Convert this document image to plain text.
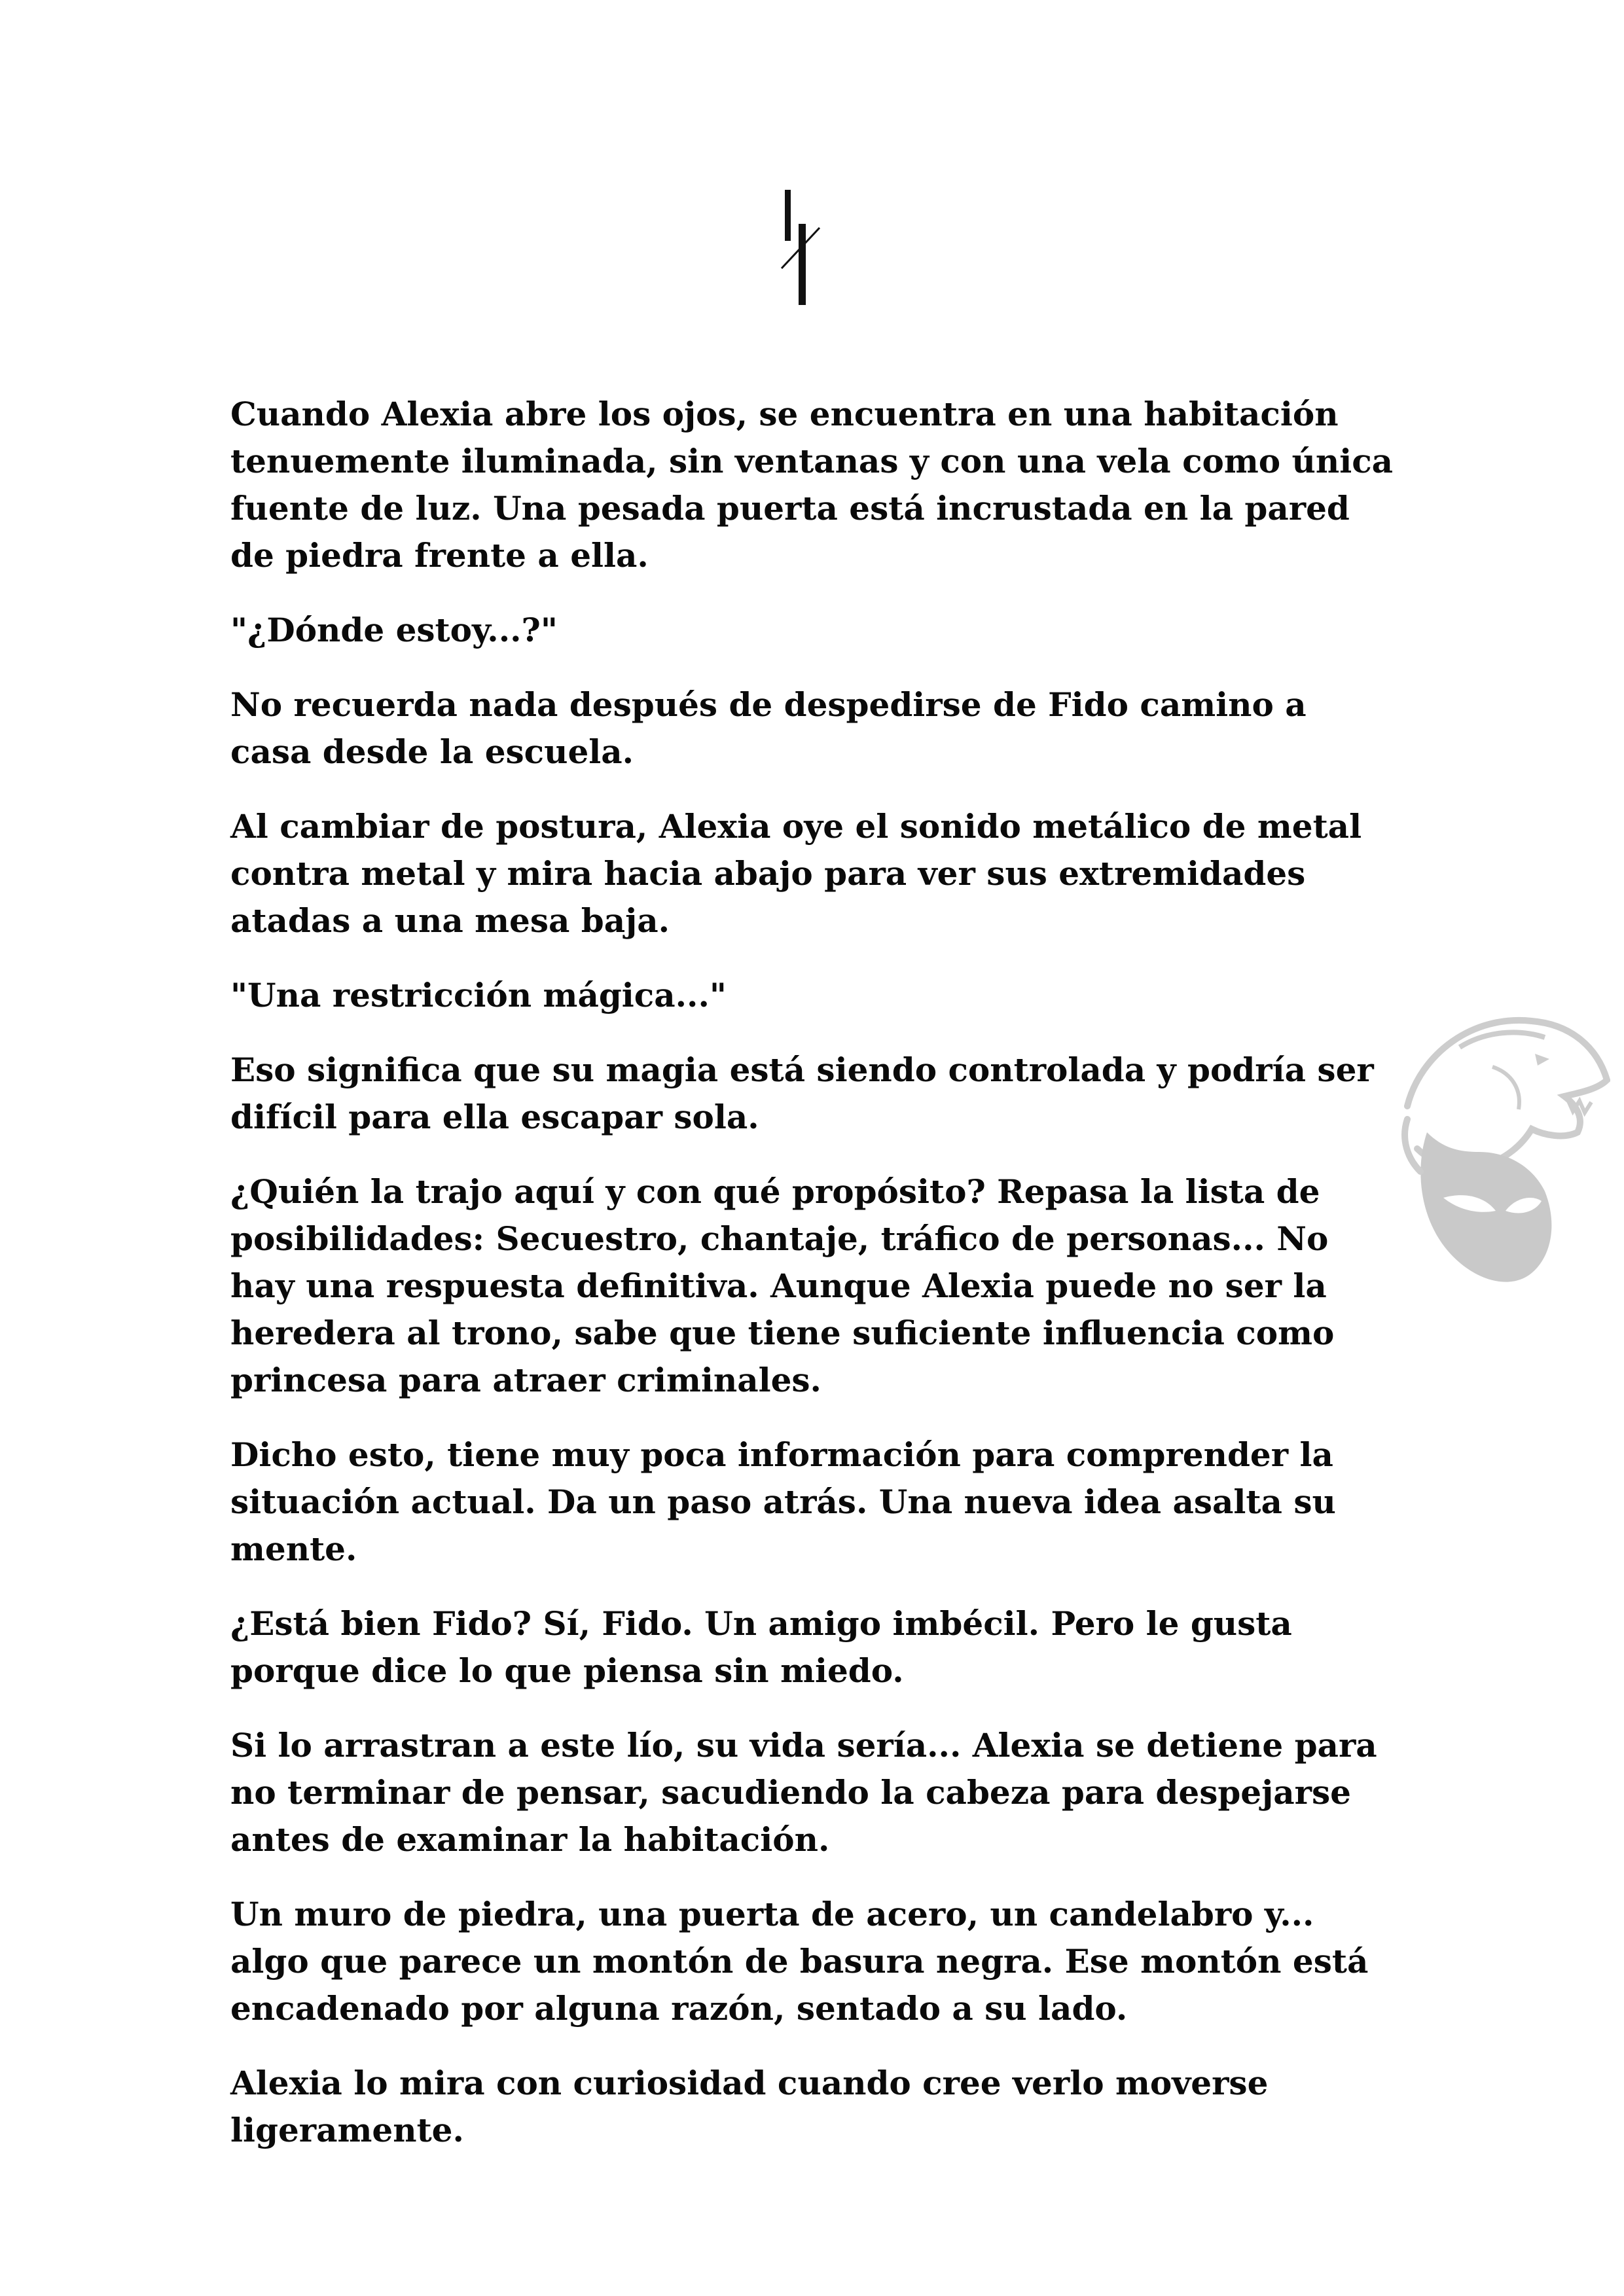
Cuando Alexia abre los ojos, se encuentra en una habitación tenuemente iluminada, sin ventanas y con una vela como única fuente de luz. Una pesada puerta está incrustada en la pared de piedra frente a ella.

"¿Dónde estoy...?"

No recuerda nada después de despedirse de Fido camino a casa desde la escuela.

Al cambiar de postura, Alexia oye el sonido metálico de metal contra metal y mira hacia abajo para ver sus extremidades atadas a una mesa baja.

"Una restricción mágica..."

Eso significa que su magia está siendo controlada y podría ser difícil para ella escapar sola.

¿Quién la trajo aquí y con qué propósito? Repasa la lista de posibilidades: Secuestro, chantaje, tráfico de personas... No hay una respuesta definitiva. Aunque Alexia puede no ser la heredera al trono, sabe que tiene suficiente influencia como princesa para atraer criminales.

Dicho esto, tiene muy poca información para comprender la situación actual. Da un paso atrás. Una nueva idea asalta su mente.

¿Está bien Fido? Sí, Fido. Un amigo imbécil. Pero le gusta porque dice lo que piensa sin miedo.

Si lo arrastran a este lío, su vida sería... Alexia se detiene para no terminar de pensar, sacudiendo la cabeza para despejarse antes de examinar la habitación.

Un muro de piedra, una puerta de acero, un candelabro y... algo que parece un montón de basura negra. Ese montón está encadenado por alguna razón, sentado a su lado.

Alexia lo mira con curiosidad cuando cree verlo moverse ligeramente.
